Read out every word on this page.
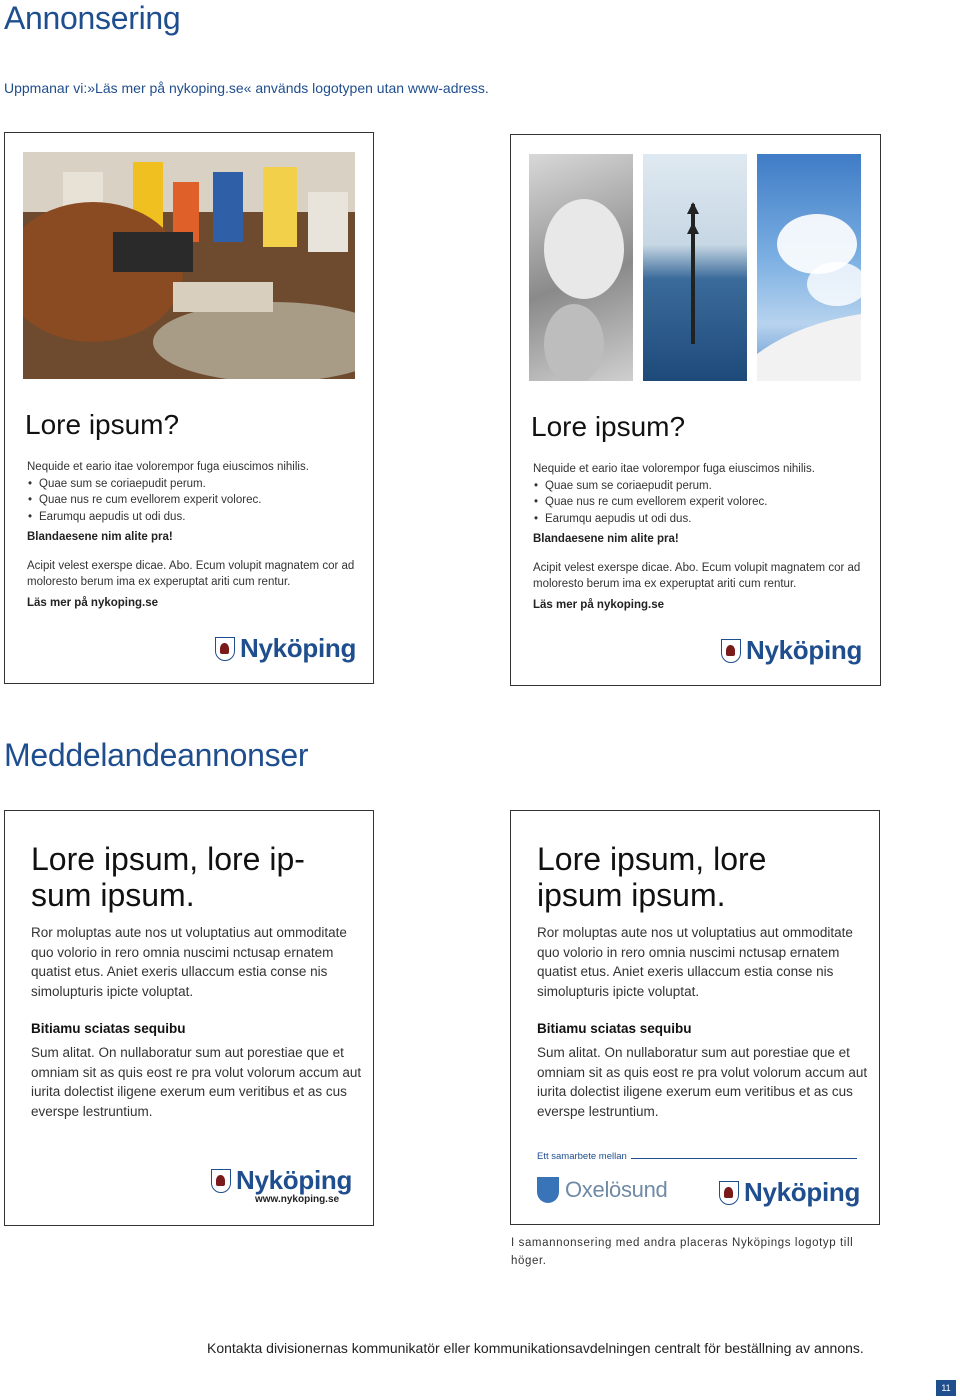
Annonsering

Uppmanar vi:»Läs mer på nykoping.se« används logotypen utan www-adress.

Lore ipsum?
Nequide et eario itae volorempor fuga eiuscimos nihilis.
• Quae sum se coriaepudit perum.
• Quae nus re cum evellorem experit volorec.
• Earumqu aepudis ut odi dus.
Blandaesene nim alite pra!
Acipit velest exerspe dicae. Abo. Ecum volupit magnatem cor ad moloresto berum ima ex experuptat ariti cum rentur.
Läs mer på nykoping.se
Nyköping
Lore ipsum?
Nequide et eario itae volorempor fuga eiuscimos nihilis.
• Quae sum se coriaepudit perum.
• Quae nus re cum evellorem experit volorec.
• Earumqu aepudis ut odi dus.
Blandaesene nim alite pra!
Acipit velest exerspe dicae. Abo. Ecum volupit magnatem cor ad moloresto berum ima ex experuptat ariti cum rentur.
Läs mer på nykoping.se
Nyköping
Meddelandeannonser
Lore ipsum, lore ip-
sum ipsum.
Ror moluptas aute nos ut voluptatius aut ommoditate quo volorio in rero omnia nuscimi nctusap ernatem quatist etus. Aniet exeris ullaccum estia conse nis simolupturis ipicte voluptat.
Bitiamu sciatas sequibu
Sum alitat. On nullaboratur sum aut porestiae que et omniam sit as quis eost re pra volut volorum accum aut iurita dolectist iligene exerum eum veritibus et as cus everspe lestruntium.
Nyköping
www.nykoping.se
Lore ipsum, lore
ipsum ipsum.
Ror moluptas aute nos ut voluptatius aut ommoditate quo volorio in rero omnia nuscimi nctusap ernatem quatist etus. Aniet exeris ullaccum estia conse nis simolupturis ipicte voluptat.
Bitiamu sciatas sequibu
Sum alitat. On nullaboratur sum aut porestiae que et omniam sit as quis eost re pra volut volorum accum aut iurita dolectist iligene exerum eum veritibus et as cus everspe lestruntium.
Ett samarbete mellan
Oxelösund	Nyköping

I samannonsering med andra placeras Nyköpings logotyp till höger.

Kontakta divisionernas kommunikatör eller kommunikationsavdelningen centralt för beställning av annons.

11
